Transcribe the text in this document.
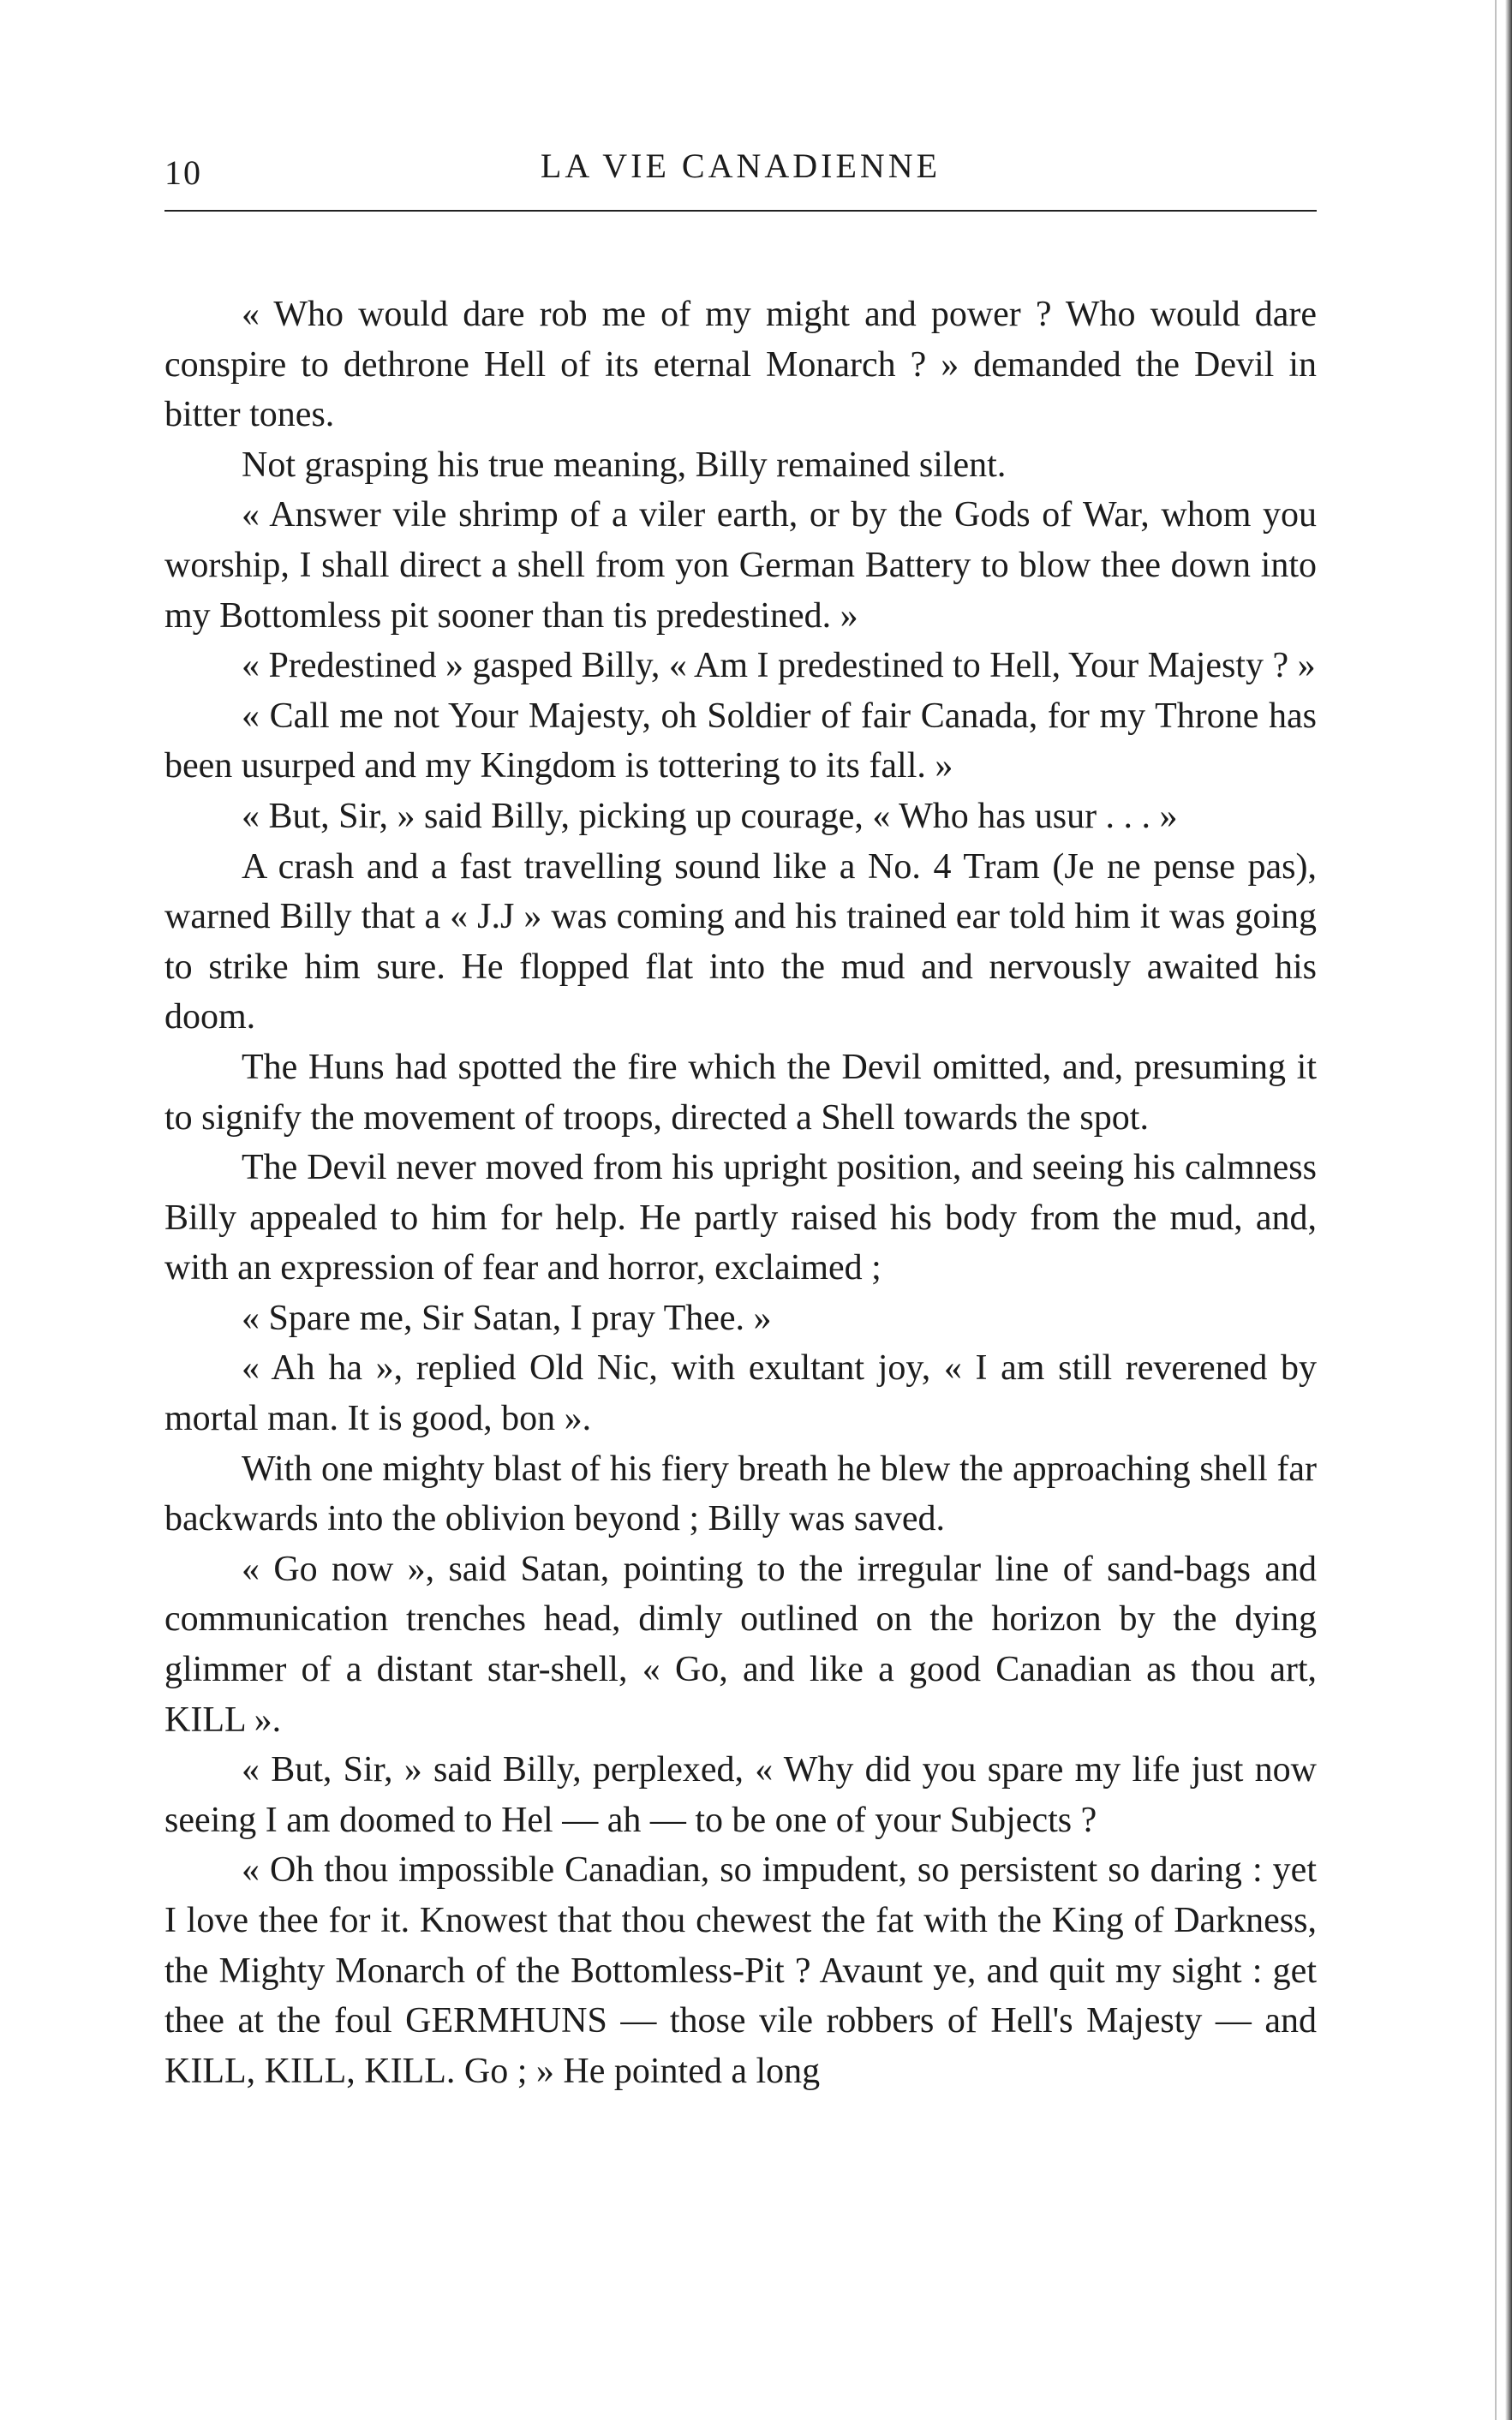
10	LA VIE CANADIENNE

« Who would dare rob me of my might and power ? Who would dare conspire to dethrone Hell of its eternal Monarch ? » demanded the Devil in bitter tones.

Not grasping his true meaning, Billy remained silent.

« Answer vile shrimp of a viler earth, or by the Gods of War, whom you worship, I shall direct a shell from yon German Battery to blow thee down into my Bottomless pit sooner than tis predestined. »

« Predestined » gasped Billy, « Am I predestined to Hell, Your Majesty ? »

« Call me not Your Majesty, oh Soldier of fair Canada, for my Throne has been usurped and my Kingdom is tottering to its fall. »

« But, Sir, » said Billy, picking up courage, « Who has usur . . . »

A crash and a fast travelling sound like a No. 4 Tram (Je ne pense pas), warned Billy that a « J.J » was coming and his trained ear told him it was going to strike him sure. He flopped flat into the mud and nervously awaited his doom.

The Huns had spotted the fire which the Devil omitted, and, presuming it to signify the movement of troops, directed a Shell towards the spot.

The Devil never moved from his upright position, and seeing his calmness Billy appealed to him for help. He partly raised his body from the mud, and, with an expression of fear and horror, exclaimed ;

« Spare me, Sir Satan, I pray Thee. »

« Ah ha », replied Old Nic, with exultant joy, « I am still reverened by mortal man. It is good, bon ».

With one mighty blast of his fiery breath he blew the approaching shell far backwards into the oblivion beyond ; Billy was saved.

« Go now », said Satan, pointing to the irregular line of sand-bags and communication trenches head, dimly outlined on the horizon by the dying glimmer of a distant star-shell, « Go, and like a good Canadian as thou art, KILL ».

« But, Sir, » said Billy, perplexed, « Why did you spare my life just now seeing I am doomed to Hel — ah — to be one of your Subjects ?

« Oh thou impossible Canadian, so impudent, so persistent so daring : yet I love thee for it. Knowest that thou chewest the fat with the King of Darkness, the Mighty Monarch of the Bottomless-Pit ? Avaunt ye, and quit my sight : get thee at the foul GERMHUNS — those vile robbers of Hell's Majesty — and KILL, KILL, KILL. Go ; » He pointed a long
